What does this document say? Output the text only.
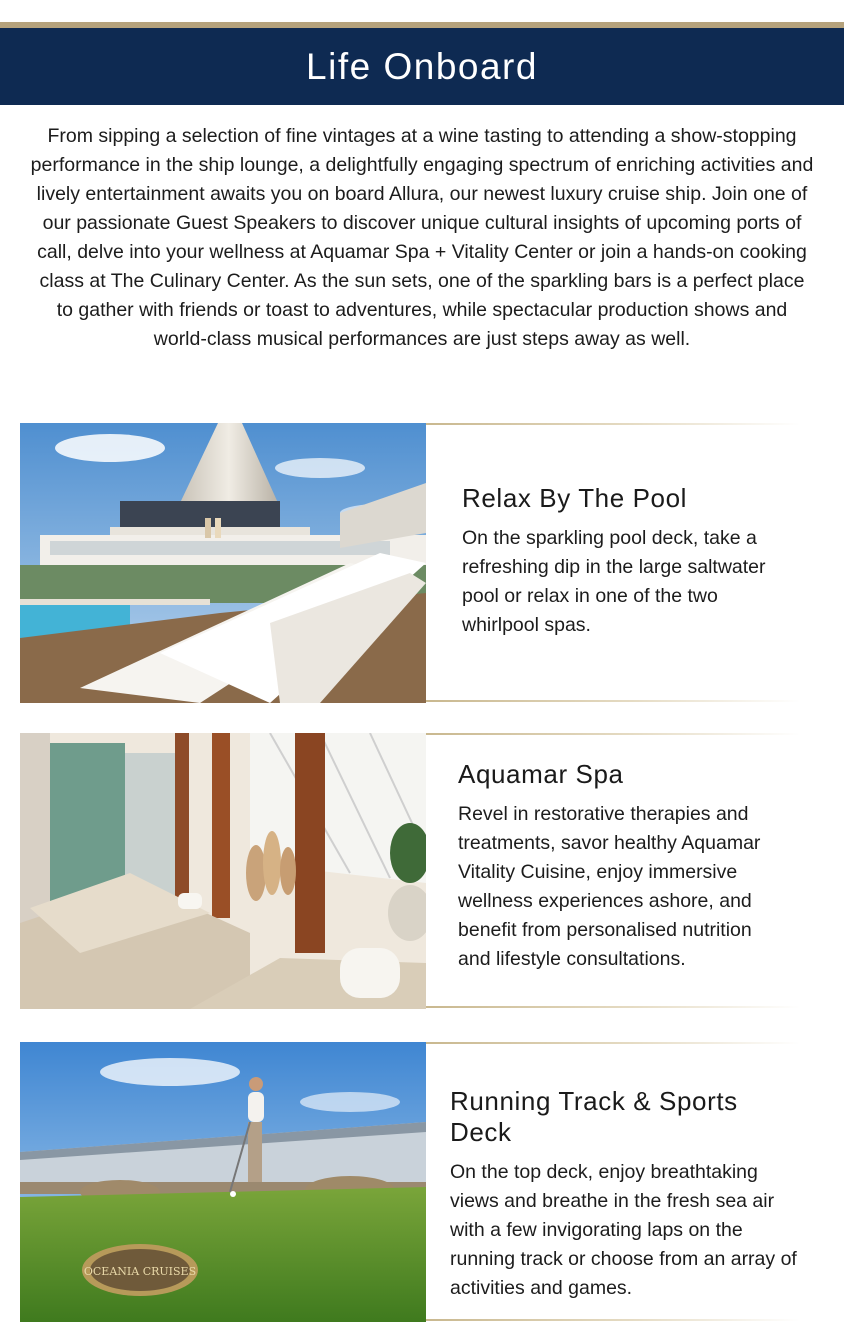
Life Onboard

From sipping a selection of fine vintages at a wine tasting to attending a show-stopping performance in the ship lounge, a delightfully engaging spectrum of enriching activities and lively entertainment awaits you on board Allura, our newest luxury cruise ship. Join one of our passionate Guest Speakers to discover unique cultural insights of upcoming ports of call, delve into your wellness at Aquamar Spa + Vitality Center or join a hands-on cooking class at The Culinary Center. As the sun sets, one of the sparkling bars is a perfect place to gather with friends or toast to adventures, while spectacular production shows and world-class musical performances are just steps away as well.

Relax By The Pool

On the sparkling pool deck, take a refreshing dip in the large saltwater pool or relax in one of the two whirlpool spas.

Aquamar Spa

Revel in restorative therapies and treatments, savor healthy Aquamar Vitality Cuisine, enjoy immersive wellness experiences ashore, and benefit from personalised nutrition and lifestyle consultations.

OCEANIA CRUISES
Running Track & Sports Deck

On the top deck, enjoy breathtaking views and breathe in the fresh sea air with a few invigorating laps on the running track or choose from an array of activities and games.
